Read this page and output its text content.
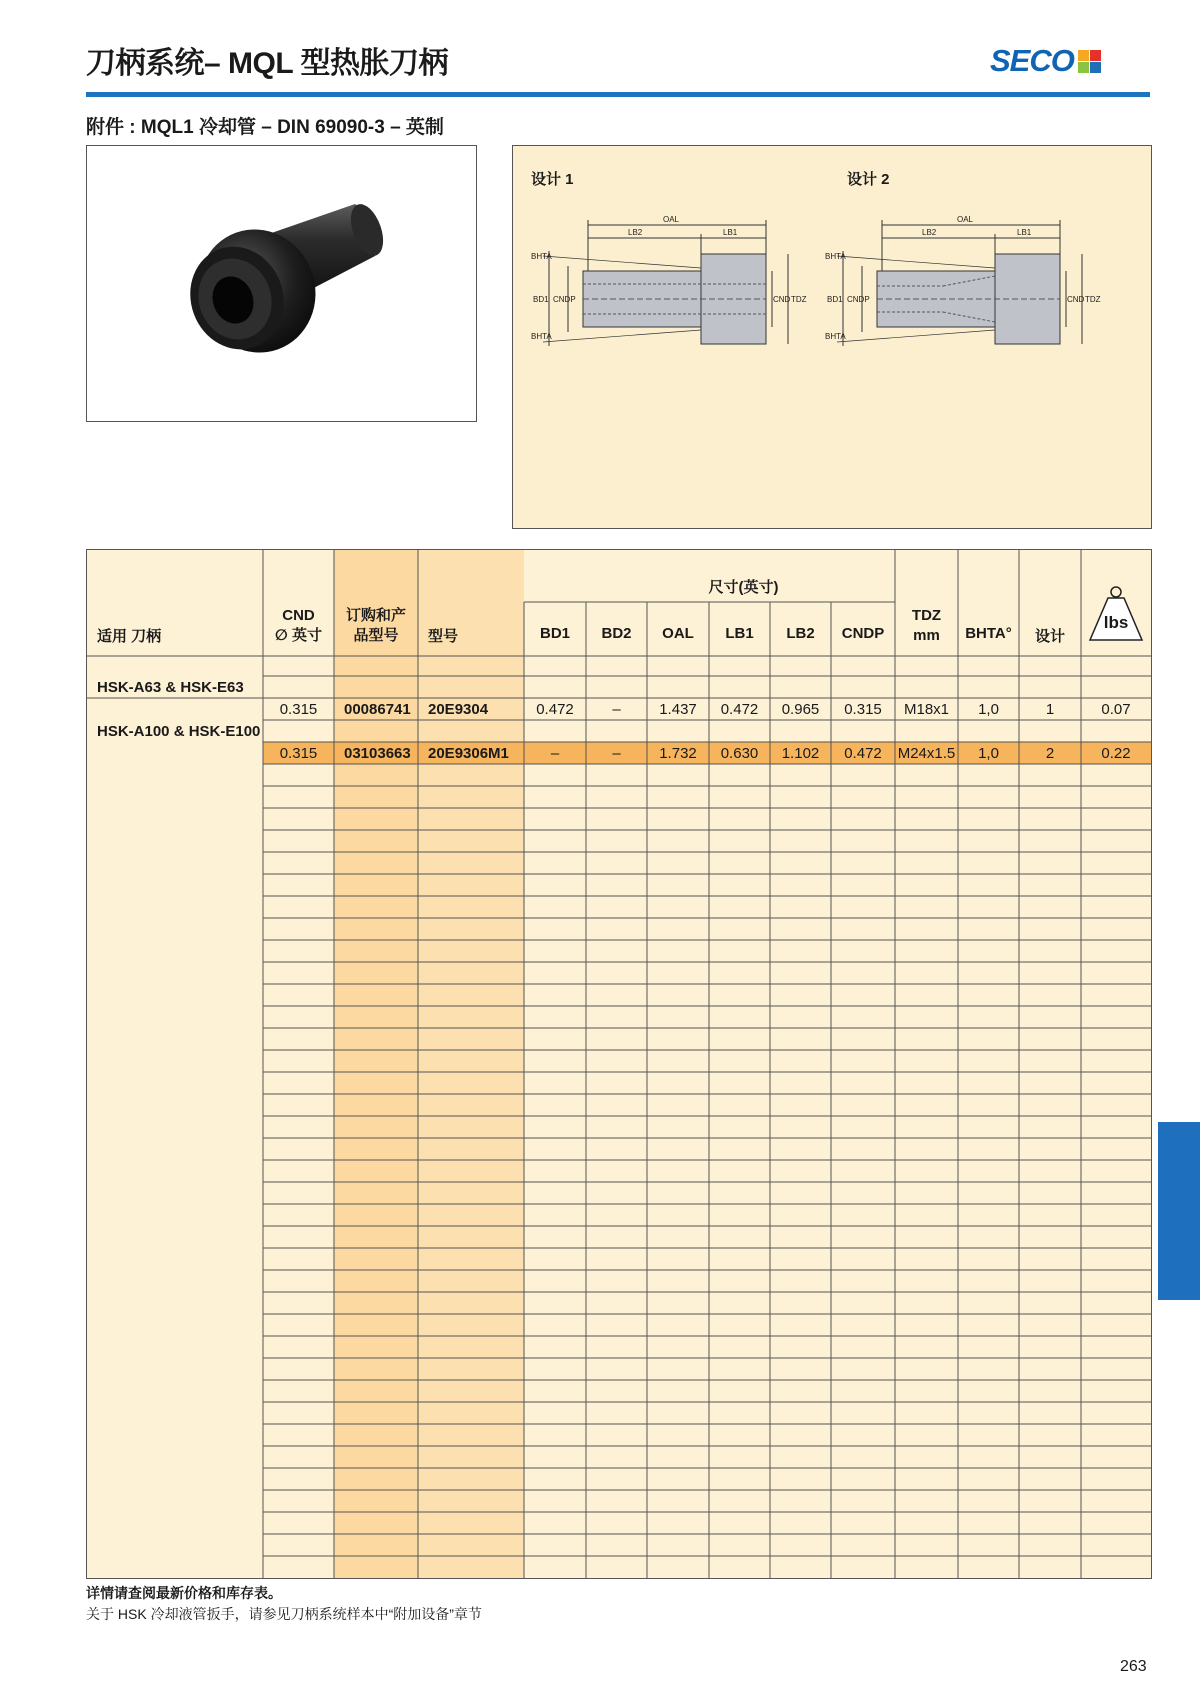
刀柄系统– MQL 型热胀刀柄	SECO
附件 : MQL1 冷却管 – DIN 69090-3 – 英制
设计 1	设计 2
OAL
LB1
LB2
BHTA
BHTA
BD1 CNDP	CND TDZ
OAL
LB1
LB2
BHTA
BHTA
BD1 CNDP	CND TDZ
适用 刀柄
尺寸(英寸)
CND
∅ 英寸
订购和产
品型号
TDZ
mm
型号	BD1	BD2	OAL	LB1	LB2	CNDP	BHTA°	设计
lbs
HSK-A63 & HSK-E63
0.315	00086741 20E9304	0.472	–	1.437	0.472	0.965	0.315	M18x1	1,0	1	0.07
HSK-A100 & HSK-E100
0.315	03103663 20E9306M1	–	–	1.732	0.630	1.102	0.472	M24x1.5	1,0	2	0.22
详情请查阅最新价格和库存表。
关于 HSK 冷却液管扳手，请参见刀柄系统样本中“附加设备”章节
263
